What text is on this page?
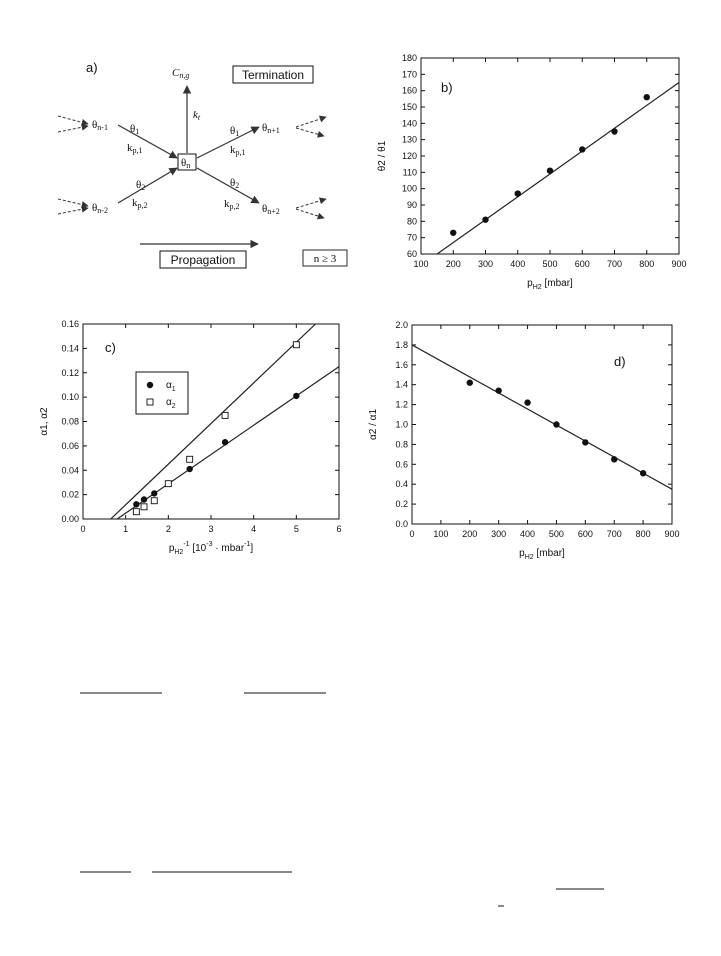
a)	Termination
Propagation	n ≥ 3
θn
Cn,g
kt
θn-1
θn-2
θn+1
θn+2
θ1
kp,1
θ2
kp,2
θ1
kp,1
θ2
kp,2
100 200 300 400 500 600 700 800 900
60
70
80
90
100
110
120
130
140
150
160
170
180
b)
$p_{H2}$ [mbar]
θ2 / θ1
0	1	2	3	4	5	6
0.00
0.02
0.04
0.06
0.08
0.10
0.12
0.14
0.16
c)
$p_{H2}^{-1}$ [$10^{-3}$ · mbar$^{-1}$]
α1, α2
$\alpha_1$
$\alpha_2$
0 100 200 300 400 500 600 700 800 900
0.0
0.2
0.4
0.6
0.8
1.0
1.2
1.4
1.6
1.8
2.0
d)
$p_{H2}$ [mbar]
α2 / α1
